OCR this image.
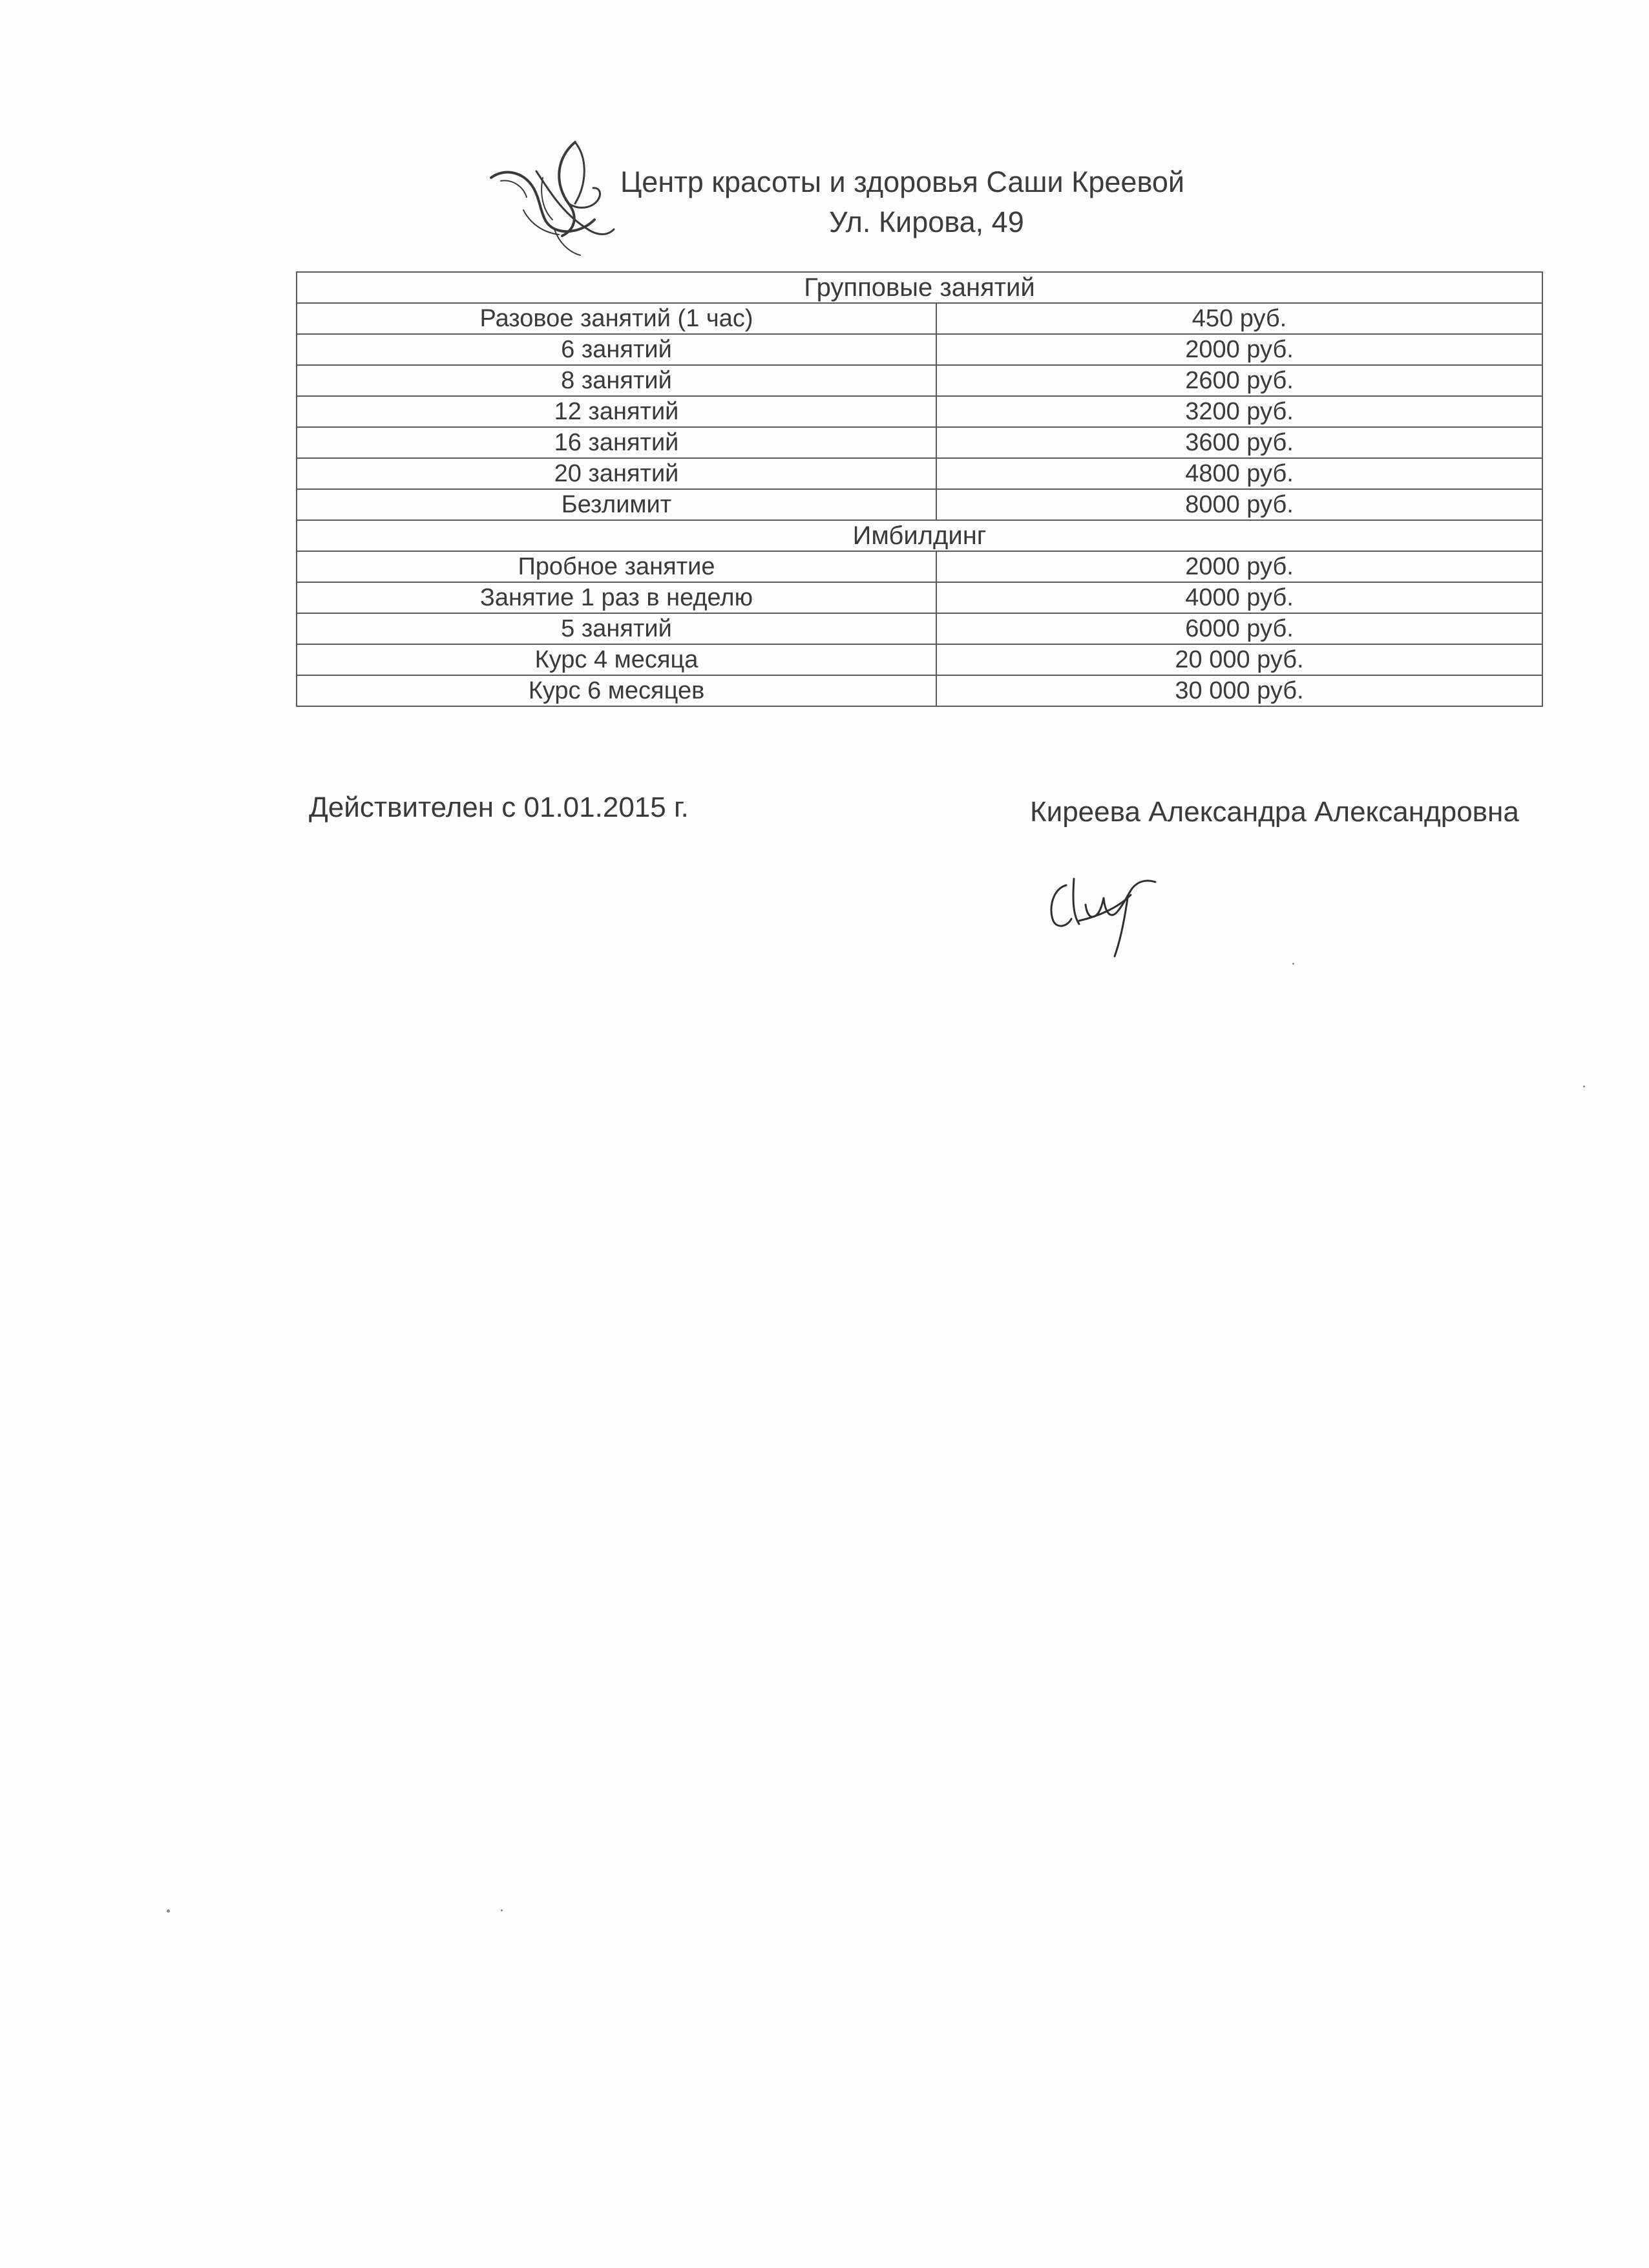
Центр красоты и здоровья Саши Креевой
Ул. Кирова, 49
Групповые занятий	
Разовое занятий (1 час)	450 руб.
6 занятий	2000 руб.
8 занятий	2600 руб.
12 занятий	3200 руб.
16 занятий	3600 руб.
20 занятий	4800 руб.
Безлимит	8000 руб.
Имбилдинг	
Пробное занятие	2000 руб.
Занятие 1 раз в неделю	4000 руб.
5 занятий	6000 руб.
Курс 4 месяца	20 000 руб.
Курс 6 месяцев	30 000 руб.
Действителен с 01.01.2015 г.	Киреева Александра Александровна
